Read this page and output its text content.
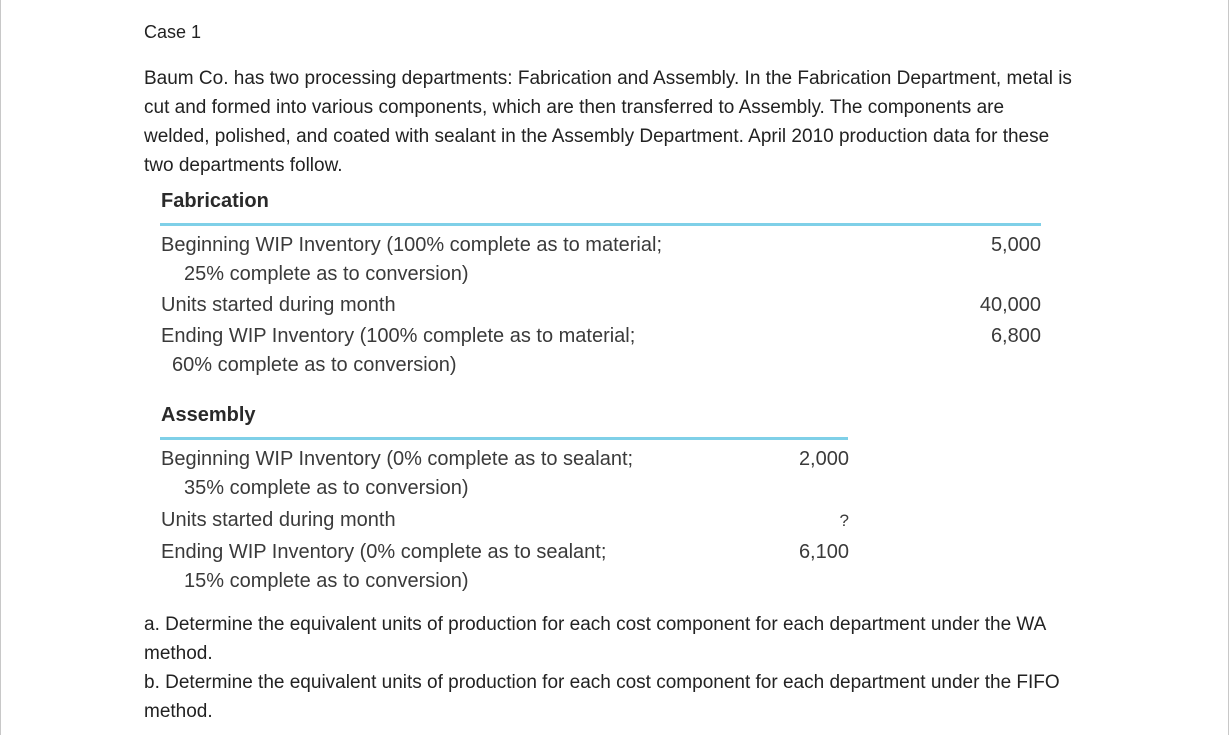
Case 1
Baum Co. has two processing departments: Fabrication and Assembly. In the Fabrication Department, metal is cut and formed into various components, which are then transferred to Assembly. The components are welded, polished, and coated with sealant in the Assembly Department. April 2010 production data for these two departments follow.
Fabrication
Beginning WIP Inventory (100% complete as to material;
25% complete as to conversion)
5,000
Units started during month	40,000
Ending WIP Inventory (100% complete as to material;
60% complete as to conversion)
6,800
Assembly
Beginning WIP Inventory (0% complete as to sealant;
35% complete as to conversion)
2,000
Units started during month	?
Ending WIP Inventory (0% complete as to sealant;
15% complete as to conversion)
6,100
a. Determine the equivalent units of production for each cost component for each department under the WA method.
b. Determine the equivalent units of production for each cost component for each department under the FIFO method.
